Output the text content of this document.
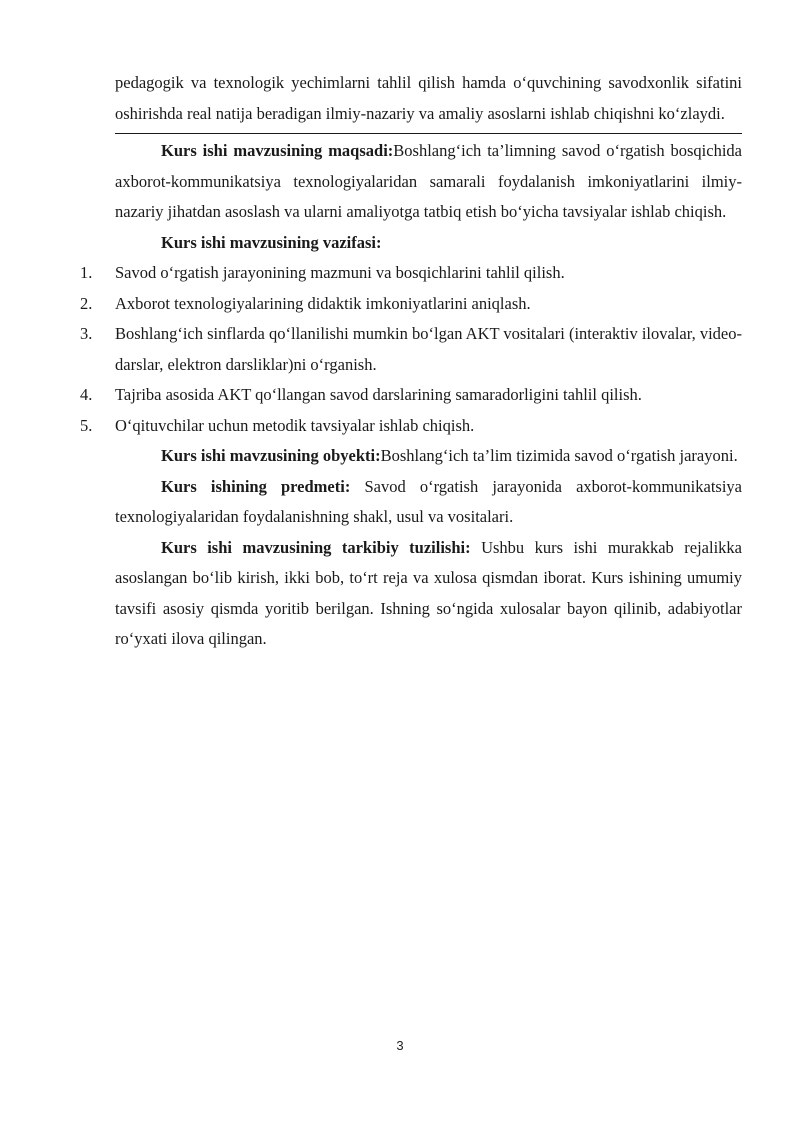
pedagogik va texnologik yechimlarni tahlil qilish hamda o‘quvchining savodxonlik sifatini oshirishda real natija beradigan ilmiy-nazariy va amaliy asoslarni ishlab chiqishni ko‘zlaydi.

Kurs ishi mavzusining maqsadi:Boshlang‘ich ta’limning savod o‘rgatish bosqichida axborot-kommunikatsiya texnologiyalaridan samarali foydalanish imkoniyatlarini ilmiy-nazariy jihatdan asoslash va ularni amaliyotga tatbiq etish bo‘yicha tavsiyalar ishlab chiqish.

Kurs ishi mavzusining vazifasi:

1. Savod o‘rgatish jarayonining mazmuni va bosqichlarini tahlil qilish.
2. Axborot texnologiyalarining didaktik imkoniyatlarini aniqlash.
3. Boshlang‘ich sinflarda qo‘llanilishi mumkin bo‘lgan AKT vositalari (interaktiv ilovalar, video-darslar, elektron darsliklar)ni o‘rganish.
4. Tajriba asosida AKT qo‘llangan savod darslarining samaradorligini tahlil qilish.
5. O‘qituvchilar uchun metodik tavsiyalar ishlab chiqish.

Kurs ishi mavzusining obyekti:Boshlang‘ich ta’lim tizimida savod o‘rgatish jarayoni.

Kurs ishining predmeti: Savod o‘rgatish jarayonida axborot-kommunikatsiya texnologiyalaridan foydalanishning shakl, usul va vositalari.

Kurs ishi mavzusining tarkibiy tuzilishi: Ushbu kurs ishi murakkab rejalikka asoslangan bo‘lib kirish, ikki bob, to‘rt reja va xulosa qismdan iborat. Kurs ishining umumiy tavsifi asosiy qismda yoritib berilgan. Ishning so‘ngida xulosalar bayon qilinib, adabiyotlar ro‘yxati ilova qilingan.

3
